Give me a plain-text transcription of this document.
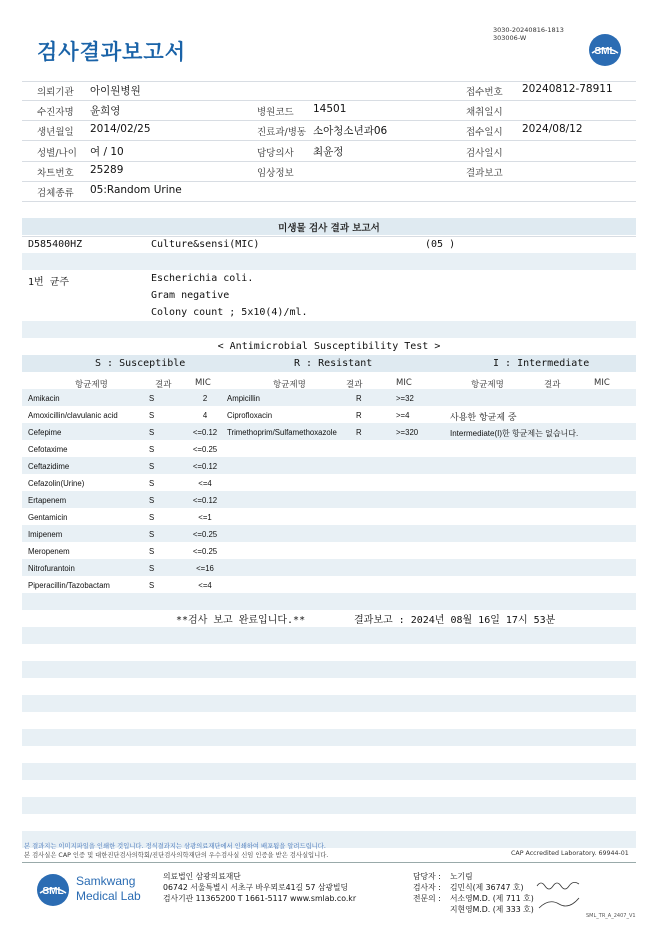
검사결과보고서
3030-20240816-1813
303006-W
SML
의뢰기관 아이원병원	접수번호 20240812-78911
수진자명 윤희영	병원코드 14501	채취일시
생년월일 2014/02/25	진료과/병동 소아청소년과06	접수일시 2024/08/12
성별/나이 여 / 10	담당의사 최윤정	검사일시
차트번호 25289	임상정보	결과보고
검체종류 05:Random Urine
미생물 검사 결과 보고서
D585400HZ	Culture&sensi(MIC)	(05 )
1번 균주	Escherichia coli.
Gram negative
Colony count ; 5x10(4)/ml.
< Antimicrobial Susceptibility Test >
S : Susceptible	R : Resistant	I : Intermediate
항균제명	결과	MIC	항균제명	결과	MIC	항균제명	결과	MIC
Amikacin	S	2
Amoxicillin/clavulanic acid	S	4
Cefepime	S	<=0.12
Cefotaxime	S	<=0.25
Ceftazidime	S	<=0.12
Cefazolin(Urine)	S	<=4
Ertapenem	S	<=0.12
Gentamicin	S	<=1
Imipenem	S	<=0.25
Meropenem	S	<=0.25
Nitrofurantoin	S	<=16
Piperacillin/Tazobactam	S	<=4
Ampicillin	R	>=32
Ciprofloxacin	R	>=4
Trimethoprim/Sulfamethoxazole R	>=320
사용한 항균제 중
Intermediate(I)한 항균제는 없습니다.
**검사 보고 완료입니다.**	결과보고 : 2024년 08월 16일 17시 53분
본 결과지는 이미지파일을 인쇄한 것입니다. 정식결과지는 삼광의료재단에서 인쇄하여 배포됨을 알려드립니다.
본 검사실은 CAP 인증 및 대한진단검사의학회/진단검사의학재단의 우수검사실 신임 인증을 받은 검사실입니다.	CAP Accredited Laboratory. 69944-01
SML
Samkwang
Medical Lab
의료법인 삼광의료재단
06742 서울특별시 서초구 바우뫼로41길 57 삼광빌딩
검사기관 11365200 T 1661-5117 www.smlab.co.kr
담당자 : 노기림
검사자 : 김민식(제 36747 호)
전문의 : 서소영M.D. (제 711 호)
지현영M.D. (제 333 호)
SML_TR_A_2407_V1
